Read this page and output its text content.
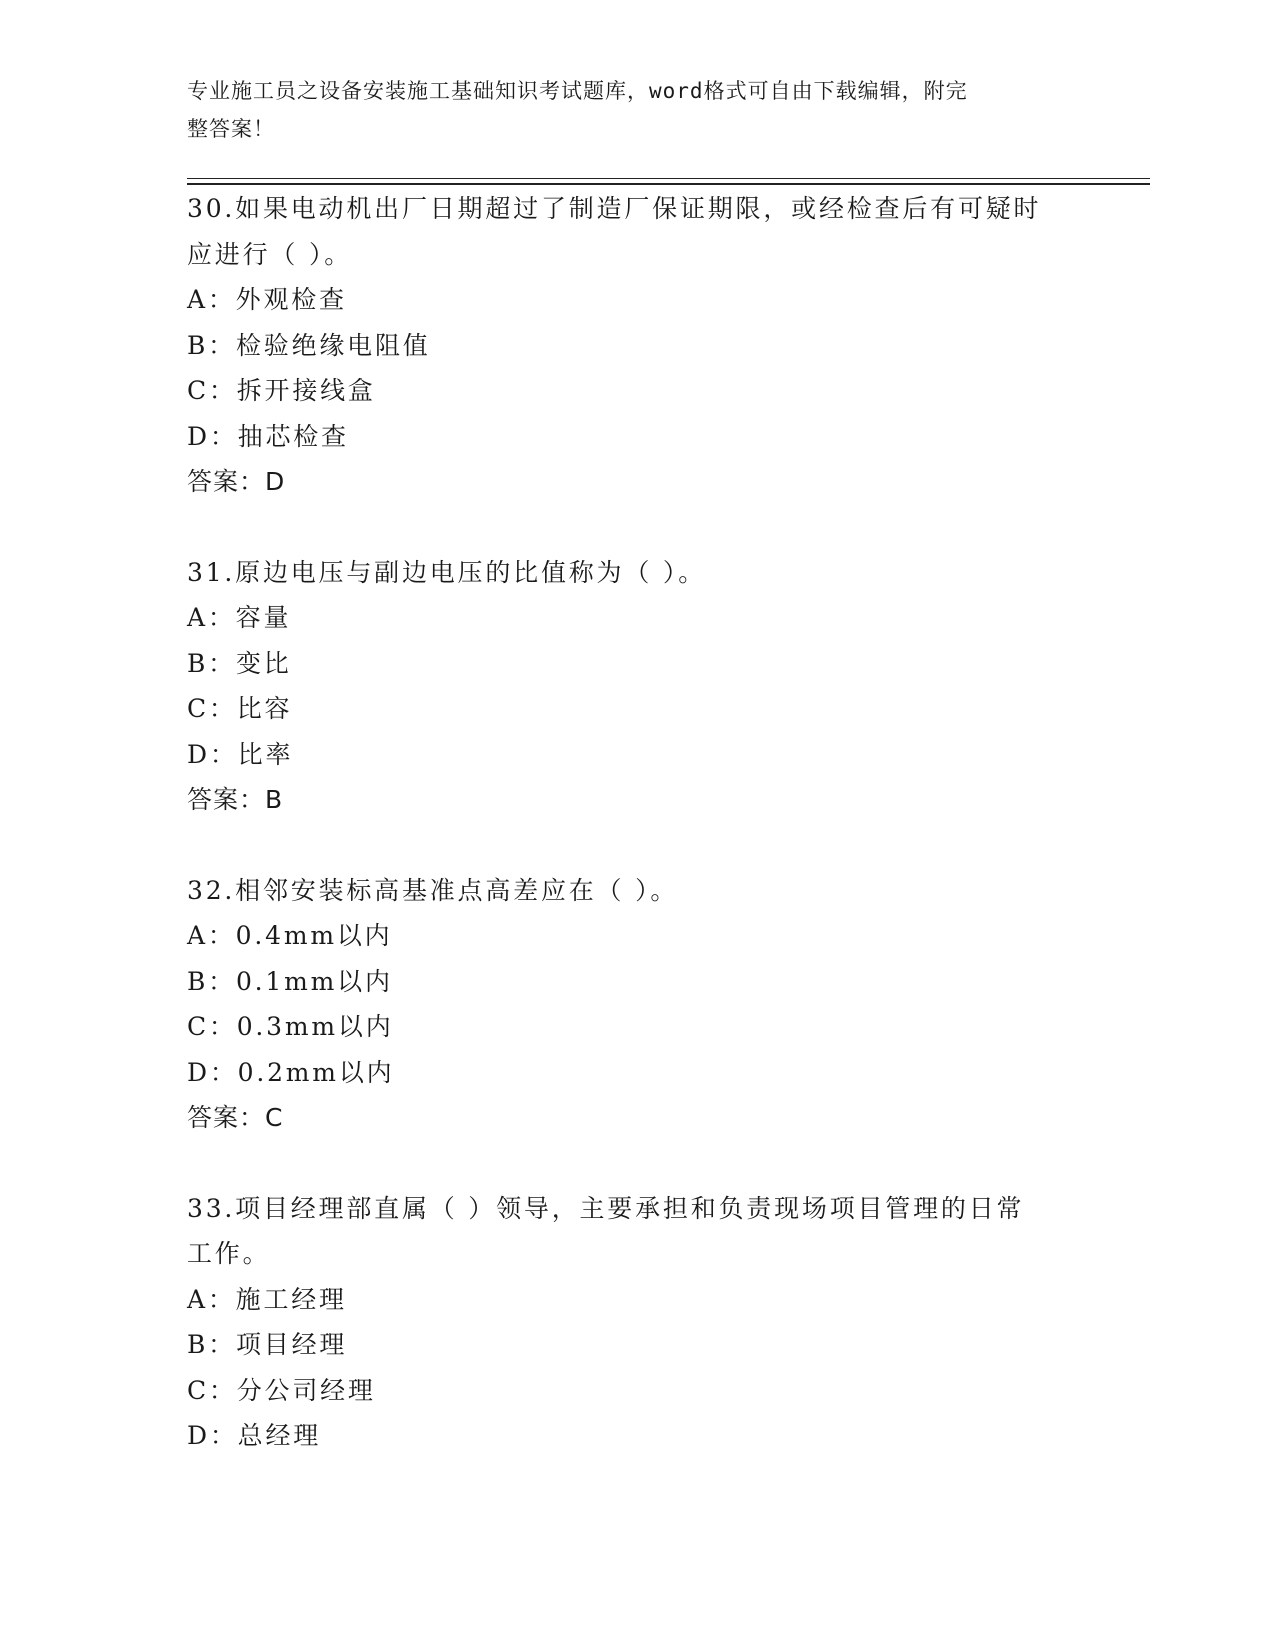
专业施工员之设备安装施工基础知识考试题库，word格式可自由下载编辑，附完
整答案！
30.如果电动机出厂日期超过了制造厂保证期限，或经检查后有可疑时
应进行（ ）。
A：外观检查
B：检验绝缘电阻值
C：拆开接线盒
D：抽芯检查
答案：D
31.原边电压与副边电压的比值称为（ ）。
A：容量
B：变比
C：比容
D：比率
答案：B
32.相邻安装标高基准点高差应在（ ）。
A：0.4mm以内
B：0.1mm以内
C：0.3mm以内
D：0.2mm以内
答案：C
33.项目经理部直属（ ）领导，主要承担和负责现场项目管理的日常
工作。
A：施工经理
B：项目经理
C：分公司经理
D：总经理
